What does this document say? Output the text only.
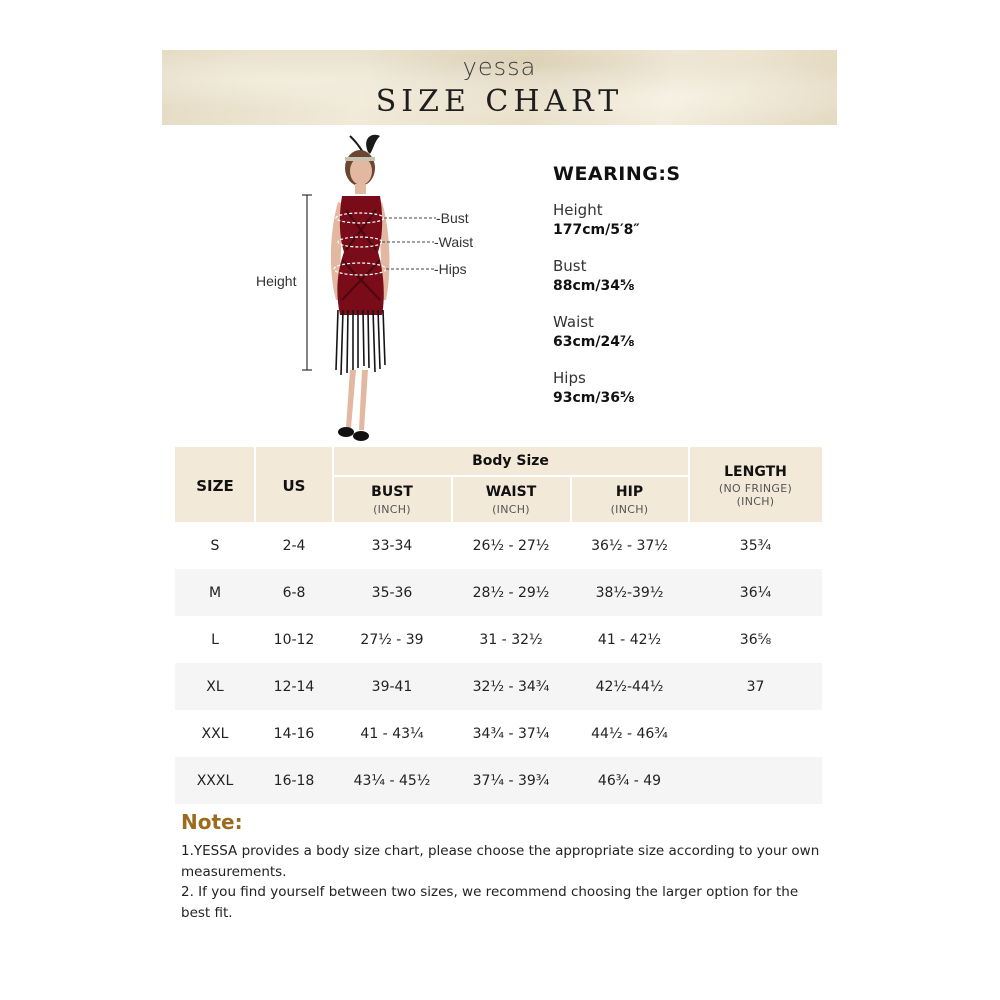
yessa
SIZE CHART
-Bust
-Waist
-Hips
Height
WEARING:S
Height
177cm/5′8″
Bust
88cm/34⅝
Waist
63cm/24⅞
Hips
93cm/36⅝
SIZE	US
Body Size
BUST
(INCH)
WAIST
(INCH)
HIP
(INCH)
LENGTH
(NO FRINGE)
(INCH)
S	2-4	33-34	26½ - 27½	36½ - 37½	35¾
M	6-8	35-36	28½ - 29½	38½-39½	36¼
L	10-12	27½ - 39	31 - 32½	41 - 42½	36⅝
XL	12-14	39-41	32½ - 34¾	42½-44½	37
XXL	14-16	41 - 43¼	34¾ - 37¼	44½ - 46¾
XXXL	16-18	43¼ - 45½	37¼ - 39¾	46¾ - 49
Note:
1.YESSA provides a body size chart, please choose the appropriate size according to your own measurements.
2. If you find yourself between two sizes, we recommend choosing the larger option for the best fit.
